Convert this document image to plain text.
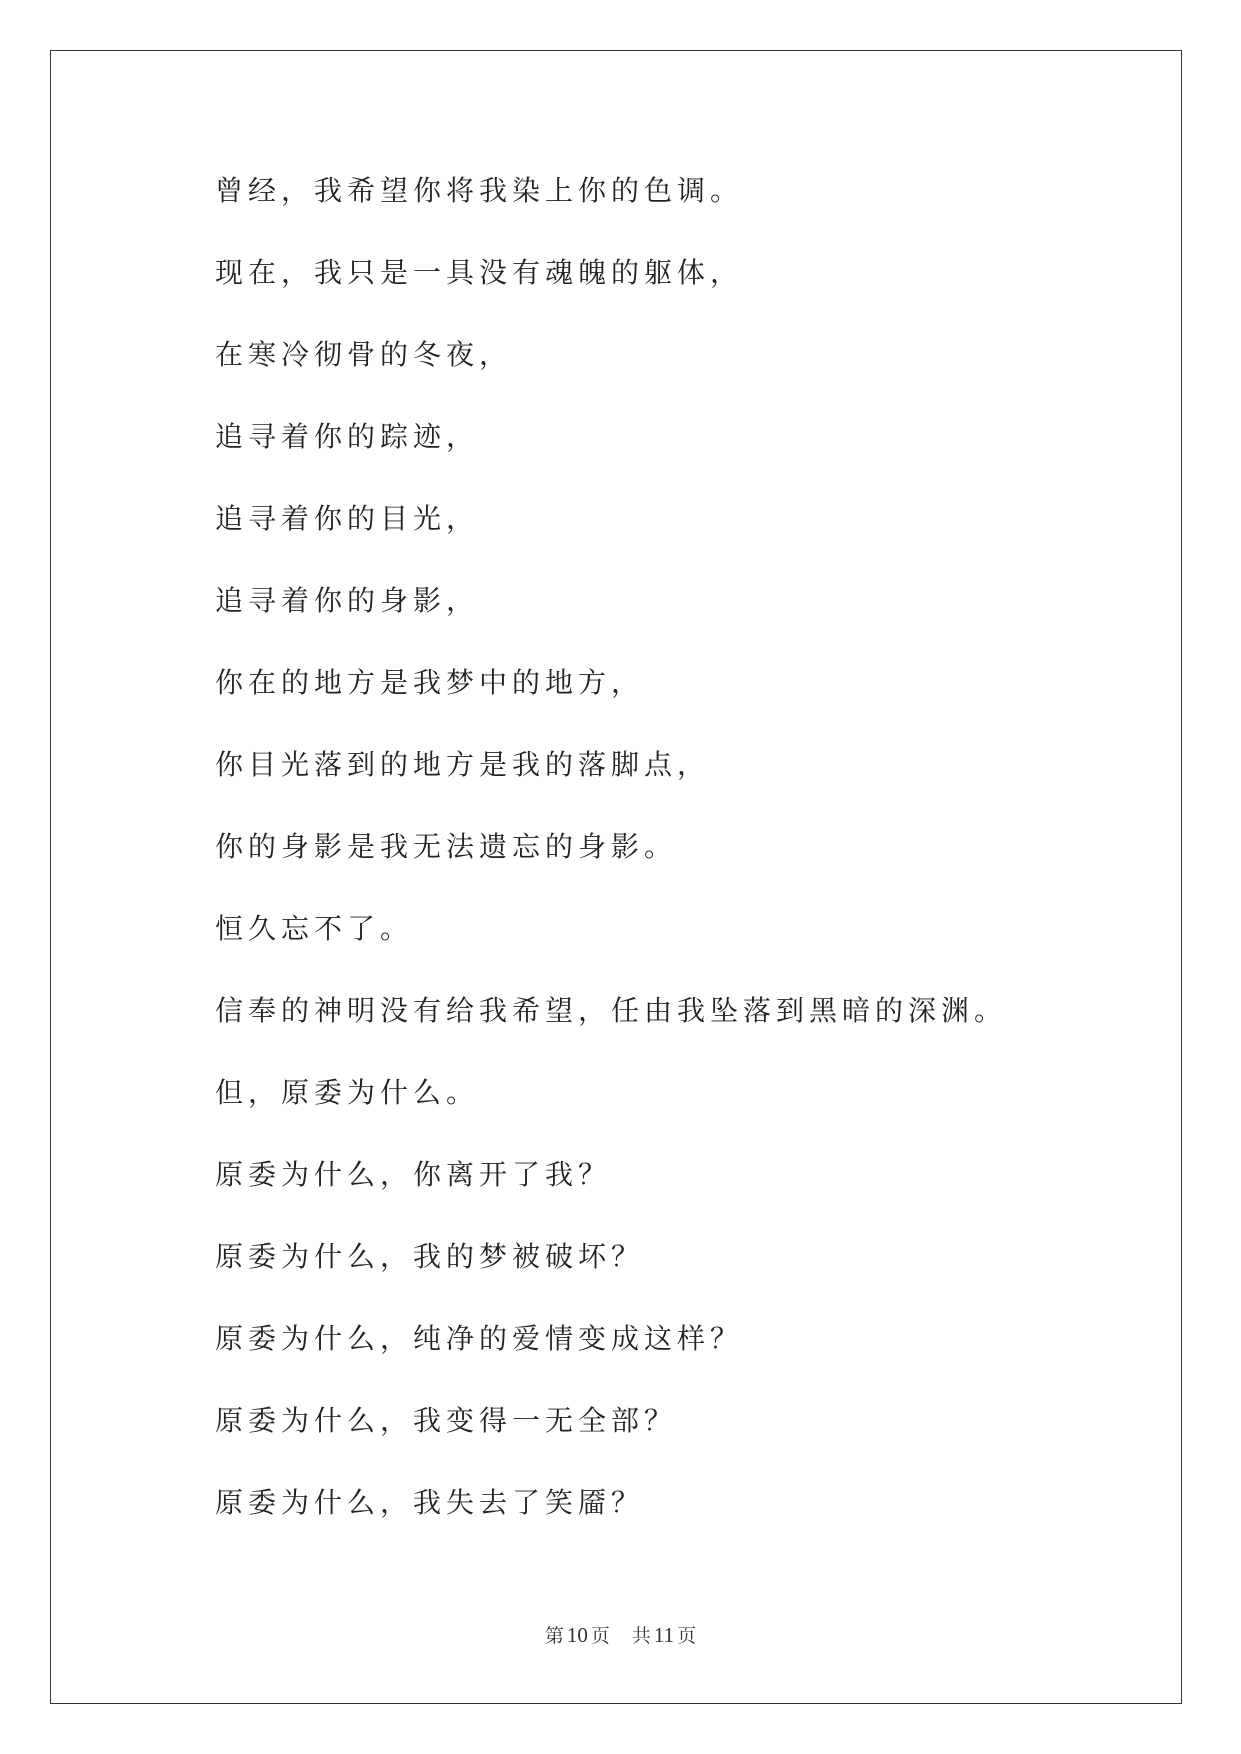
曾经，我希望你将我染上你的色调。
现在，我只是一具没有魂魄的躯体，
在寒冷彻骨的冬夜，
追寻着你的踪迹，
追寻着你的目光，
追寻着你的身影，
你在的地方是我梦中的地方，
你目光落到的地方是我的落脚点，
你的身影是我无法遗忘的身影。
恒久忘不了。
信奉的神明没有给我希望，任由我坠落到黑暗的深渊。
但，原委为什么。
原委为什么，你离开了我？
原委为什么，我的梦被破坏？
原委为什么，纯净的爱情变成这样？
原委为什么，我变得一无全部？
原委为什么，我失去了笑靥？
第 10 页 共 11 页
